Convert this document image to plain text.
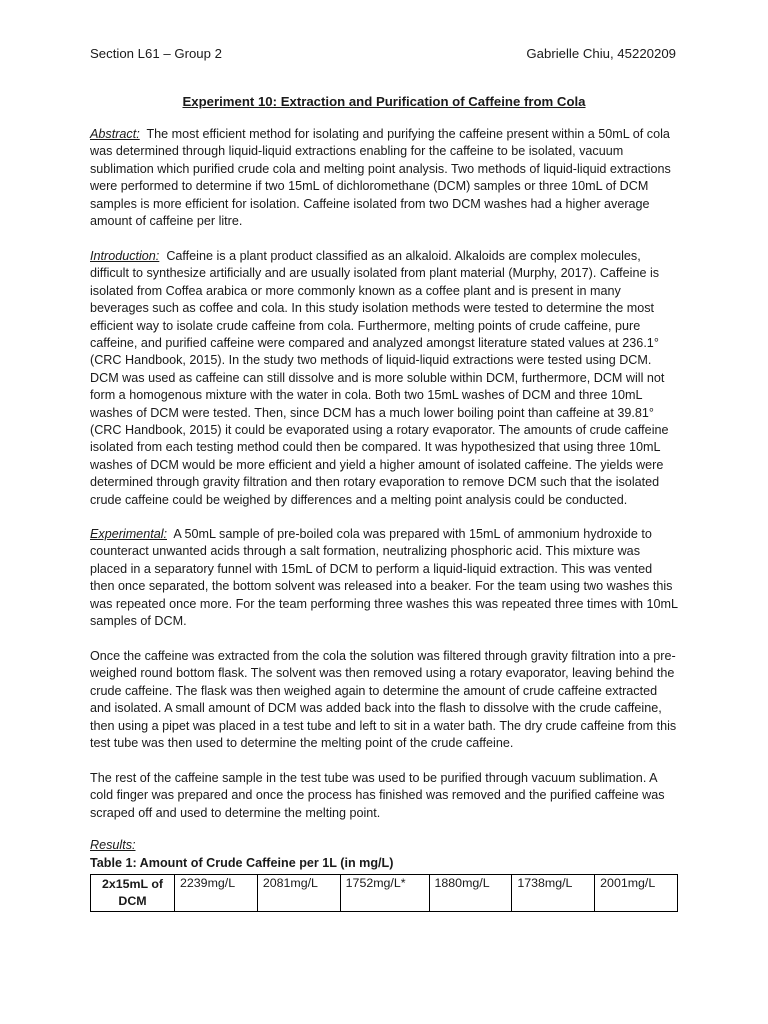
Section L61 – Group 2	Gabrielle Chiu, 45220209
Experiment 10: Extraction and Purification of Caffeine from Cola

Abstract: The most efficient method for isolating and purifying the caffeine present within a 50mL of cola was determined through liquid-liquid extractions enabling for the caffeine to be isolated, vacuum sublimation which purified crude cola and melting point analysis. Two methods of liquid-liquid extractions were performed to determine if two 15mL of dichloromethane (DCM) samples or three 10mL of DCM samples is more efficient for isolation. Caffeine isolated from two DCM washes had a higher average amount of caffeine per litre.

Introduction: Caffeine is a plant product classified as an alkaloid. Alkaloids are complex molecules, difficult to synthesize artificially and are usually isolated from plant material (Murphy, 2017). Caffeine is isolated from Coffea arabica or more commonly known as a coffee plant and is present in many beverages such as coffee and cola. In this study isolation methods were tested to determine the most efficient way to isolate crude caffeine from cola. Furthermore, melting points of crude caffeine, pure caffeine, and purified caffeine were compared and analyzed amongst literature stated values at 236.1° (CRC Handbook, 2015). In the study two methods of liquid-liquid extractions were tested using DCM. DCM was used as caffeine can still dissolve and is more soluble within DCM, furthermore, DCM will not form a homogenous mixture with the water in cola. Both two 15mL washes of DCM and three 10mL washes of DCM were tested. Then, since DCM has a much lower boiling point than caffeine at 39.81° (CRC Handbook, 2015) it could be evaporated using a rotary evaporator. The amounts of crude caffeine isolated from each testing method could then be compared. It was hypothesized that using three 10mL washes of DCM would be more efficient and yield a higher amount of isolated caffeine. The yields were determined through gravity filtration and then rotary evaporation to remove DCM such that the isolated crude caffeine could be weighed by differences and a melting point analysis could be conducted.

Experimental: A 50mL sample of pre-boiled cola was prepared with 15mL of ammonium hydroxide to counteract unwanted acids through a salt formation, neutralizing phosphoric acid. This mixture was placed in a separatory funnel with 15mL of DCM to perform a liquid-liquid extraction. This was vented then once separated, the bottom solvent was released into a beaker. For the team using two washes this was repeated once more. For the team performing three washes this was repeated three times with 10mL samples of DCM.

Once the caffeine was extracted from the cola the solution was filtered through gravity filtration into a pre-weighed round bottom flask. The solvent was then removed using a rotary evaporator, leaving behind the crude caffeine. The flask was then weighed again to determine the amount of crude caffeine extracted and isolated. A small amount of DCM was added back into the flash to dissolve with the crude caffeine, then using a pipet was placed in a test tube and left to sit in a water bath. The dry crude caffeine from this test tube was then used to determine the melting point of the crude caffeine.

The rest of the caffeine sample in the test tube was used to be purified through vacuum sublimation. A cold finger was prepared and once the process has finished was removed and the purified caffeine was scraped off and used to determine the melting point.

Results:
Table 1: Amount of Crude Caffeine per 1L (in mg/L)
2x15mL of DCM	2239mg/L	2081mg/L	1752mg/L*	1880mg/L	1738mg/L	2001mg/L
